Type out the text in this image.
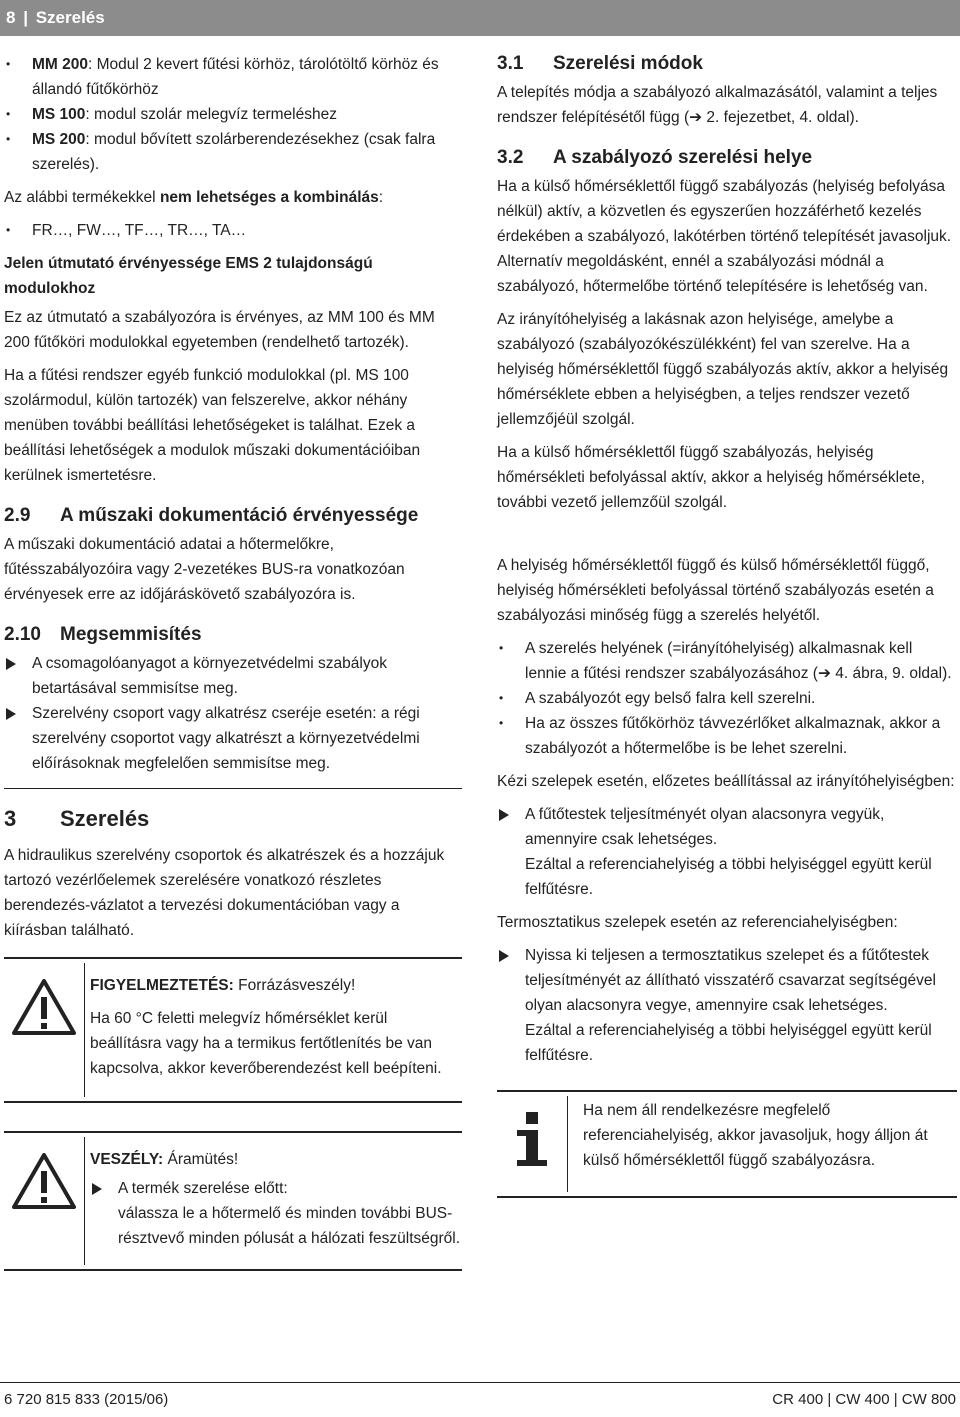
8 | Szerelés
• MM 200: Modul 2 kevert fűtési körhöz, tárolótöltő körhöz és állandó fűtőkörhöz
• MS 100: modul szolár melegvíz termeléshez
• MS 200: modul bővített szolárberendezésekhez (csak falra szerelés).

Az alábbi termékekkel nem lehetséges a kombinálás:

• FR…, FW…, TF…, TR…, TA…

Jelen útmutató érvényessége EMS 2 tulajdonságú modulokhoz

Ez az útmutató a szabályozóra is érvényes, az MM 100 és MM 200 fűtőköri modulokkal egyetemben (rendelhető tartozék).

Ha a fűtési rendszer egyéb funkció modulokkal (pl. MS 100 szolármodul, külön tartozék) van felszerelve, akkor néhány menüben további beállítási lehetőségeket is találhat. Ezek a beállítási lehetőségek a modulok műszaki dokumentációiban kerülnek ismertetésre.

2.9 A műszaki dokumentáció érvényessége

A műszaki dokumentáció adatai a hőtermelőkre, fűtésszabályozóira vagy 2-vezetékes BUS-ra vonatkozóan érvényesek erre az időjáráskövető szabályozóra is.

2.10 Megsemmisítés
A csomagolóanyagot a környezetvédelmi szabályok betartásával semmisítse meg.
Szerelvény csoport vagy alkatrész cseréje esetén: a régi szerelvény csoportot vagy alkatrészt a környezetvédelmi előírásoknak megfelelően semmisítse meg.
3 Szerelés

A hidraulikus szerelvény csoportok és alkatrészek és a hozzájuk tartozó vezérlőelemek szerelésére vonatkozó részletes berendezés-vázlatot a tervezési dokumentációban vagy a kiírásban található.

FIGYELMEZTETÉS: Forrázásveszély!

Ha 60 °C feletti melegvíz hőmérséklet kerül beállításra vagy ha a termikus fertőtlenítés be van kapcsolva, akkor keverőberendezést kell beépíteni.

VESZÉLY: Áramütés!

A termék szerelése előtt:
válassza le a hőtermelő és minden további BUS-résztvevő minden pólusát a hálózati feszültségről.
3.1 Szerelési módok

A telepítés módja a szabályozó alkalmazásától, valamint a teljes rendszer felépítésétől függ (➔ 2. fejezetbet, 4. oldal).

3.2 A szabályozó szerelési helye

Ha a külső hőmérséklettől függő szabályozás (helyiség befolyása nélkül) aktív, a közvetlen és egyszerűen hozzáférhető kezelés érdekében a szabályozó, lakótérben történő telepítését javasoljuk. Alternatív megoldásként, ennél a szabályozási módnál a szabályozó, hőtermelőbe történő telepítésére is lehetőség van.

Az irányítóhelyiség a lakásnak azon helyisége, amelybe a szabályozó (szabályozókészülékként) fel van szerelve. Ha a helyiség hőmérséklettől függő szabályozás aktív, akkor a helyiség hőmérséklete ebben a helyiségben, a teljes rendszer vezető jellemzőjéül szolgál.

Ha a külső hőmérséklettől függő szabályozás, helyiség hőmérsékleti befolyással aktív, akkor a helyiség hőmérséklete, további vezető jellemzőül szolgál.

A helyiség hőmérséklettől függő és külső hőmérséklettől függő, helyiség hőmérsékleti befolyással történő szabályozás esetén a szabályozási minőség függ a szerelés helyétől.

• A szerelés helyének (=irányítóhelyiség) alkalmasnak kell lennie a fűtési rendszer szabályozásához (➔ 4. ábra, 9. oldal).
• A szabályozót egy belső falra kell szerelni.
• Ha az összes fűtőkörhöz távvezérlőket alkalmaznak, akkor a szabályozót a hőtermelőbe is be lehet szerelni.

Kézi szelepek esetén, előzetes beállítással az irányítóhelyiségben:

A fűtőtestek teljesítményét olyan alacsonyra vegyük, amennyire csak lehetséges.
Ezáltal a referenciahelyiség a többi helyiséggel együtt kerül felfűtésre.

Termosztatikus szelepek esetén az referenciahelyiségben:

Nyissa ki teljesen a termosztatikus szelepet és a fűtőtestek teljesítményét az állítható visszatérő csavarzat segítségével olyan alacsonyra vegye, amennyire csak lehetséges.
Ezáltal a referenciahelyiség a többi helyiséggel együtt kerül felfűtésre.

Ha nem áll rendelkezésre megfelelő referenciahelyiség, akkor javasoljuk, hogy álljon át külső hőmérséklettől függő szabályozásra.

6 720 815 833 (2015/06)	CR 400 | CW 400 | CW 800
